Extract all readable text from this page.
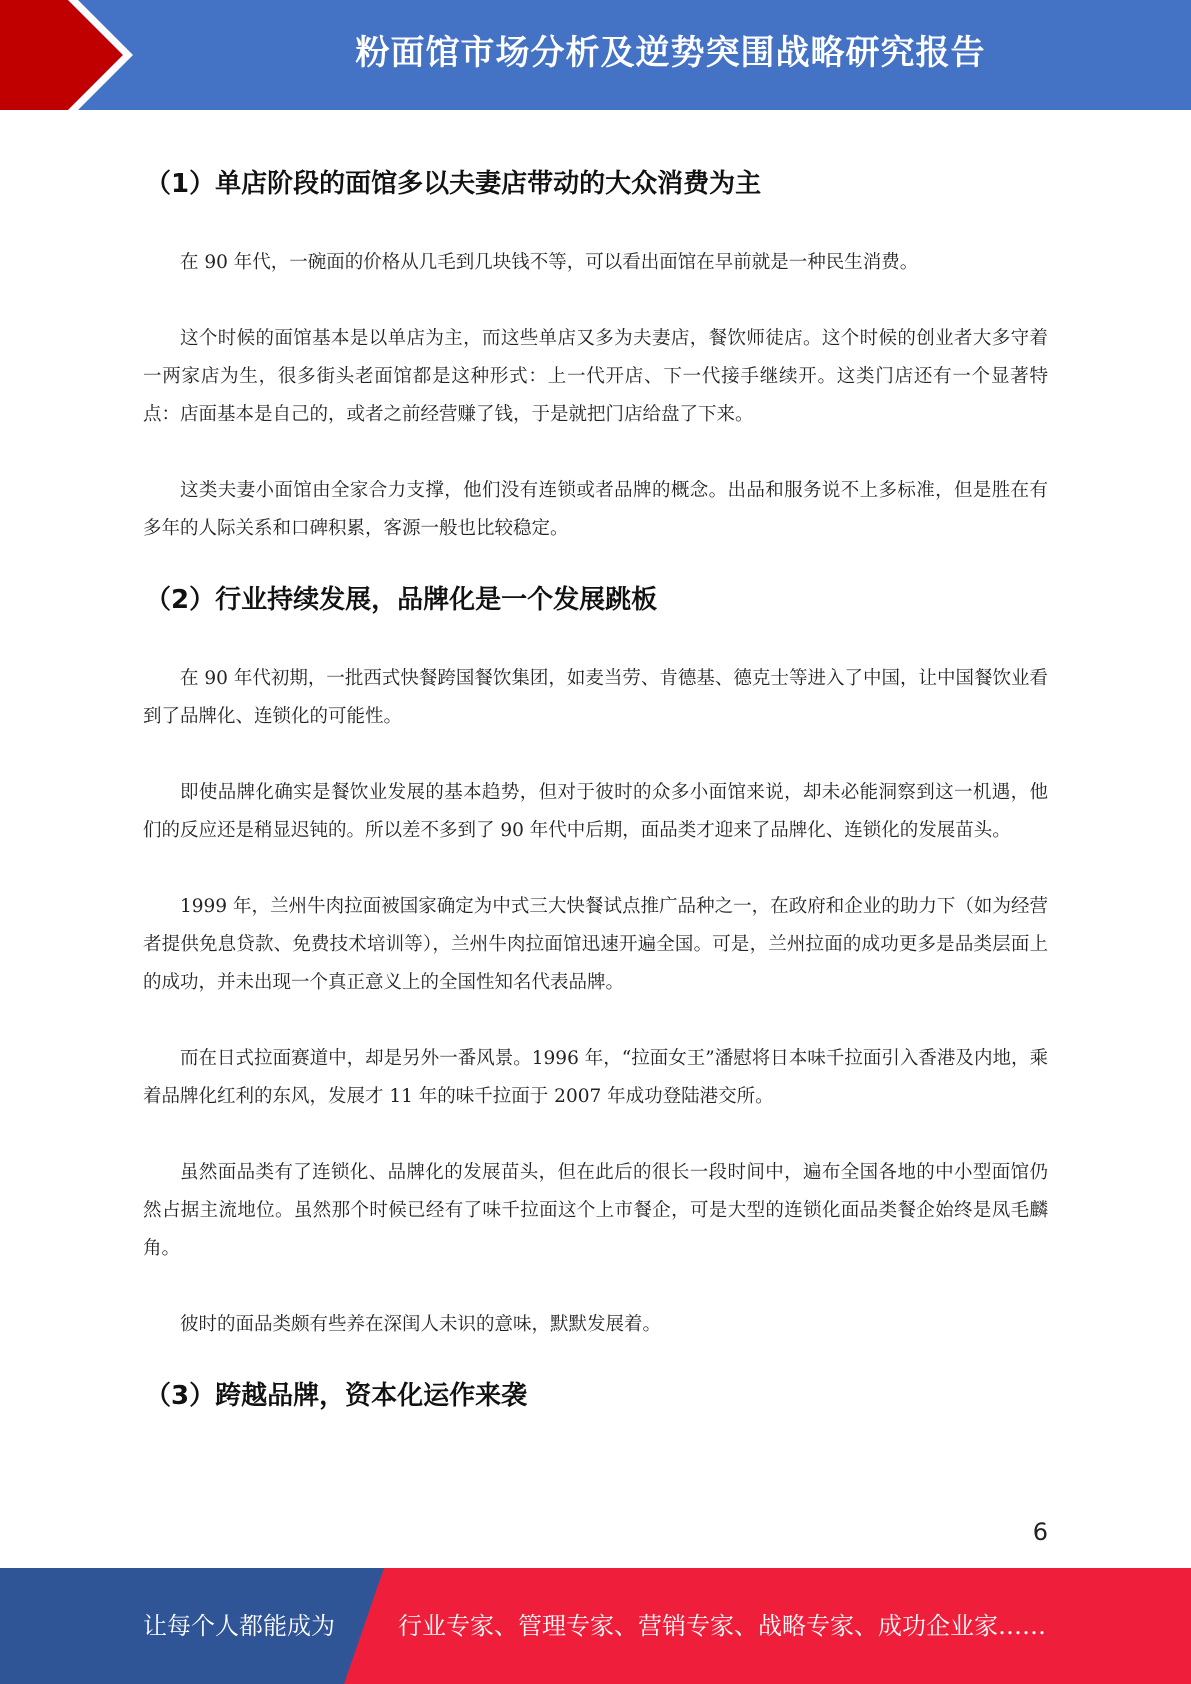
粉面馆市场分析及逆势突围战略研究报告
（1）单店阶段的面馆多以夫妻店带动的大众消费为主

在 90 年代，一碗面的价格从几毛到几块钱不等，可以看出面馆在早前就是一种民生消费。

这个时候的面馆基本是以单店为主，而这些单店又多为夫妻店，餐饮师徒店。这个时候的创业者大多守着一两家店为生，很多街头老面馆都是这种形式：上一代开店、下一代接手继续开。这类门店还有一个显著特点：店面基本是自己的，或者之前经营赚了钱，于是就把门店给盘了下来。

这类夫妻小面馆由全家合力支撑，他们没有连锁或者品牌的概念。出品和服务说不上多标准，但是胜在有多年的人际关系和口碑积累，客源一般也比较稳定。

（2）行业持续发展，品牌化是一个发展跳板

在 90 年代初期，一批西式快餐跨国餐饮集团，如麦当劳、肯德基、德克士等进入了中国，让中国餐饮业看到了品牌化、连锁化的可能性。

即使品牌化确实是餐饮业发展的基本趋势，但对于彼时的众多小面馆来说，却未必能洞察到这一机遇，他们的反应还是稍显迟钝的。所以差不多到了 90 年代中后期，面品类才迎来了品牌化、连锁化的发展苗头。

1999 年，兰州牛肉拉面被国家确定为中式三大快餐试点推广品种之一，在政府和企业的助力下（如为经营者提供免息贷款、免费技术培训等），兰州牛肉拉面馆迅速开遍全国。可是，兰州拉面的成功更多是品类层面上的成功，并未出现一个真正意义上的全国性知名代表品牌。

而在日式拉面赛道中，却是另外一番风景。1996 年，“拉面女王”潘慰将日本味千拉面引入香港及内地，乘着品牌化红利的东风，发展才 11 年的味千拉面于 2007 年成功登陆港交所。

虽然面品类有了连锁化、品牌化的发展苗头，但在此后的很长一段时间中，遍布全国各地的中小型面馆仍然占据主流地位。虽然那个时候已经有了味千拉面这个上市餐企，可是大型的连锁化面品类餐企始终是凤毛麟角。

彼时的面品类颇有些养在深闺人未识的意味，默默发展着。

（3）跨越品牌，资本化运作来袭
6
让每个人都能成为	行业专家、管理专家、营销专家、战略专家、成功企业家……
